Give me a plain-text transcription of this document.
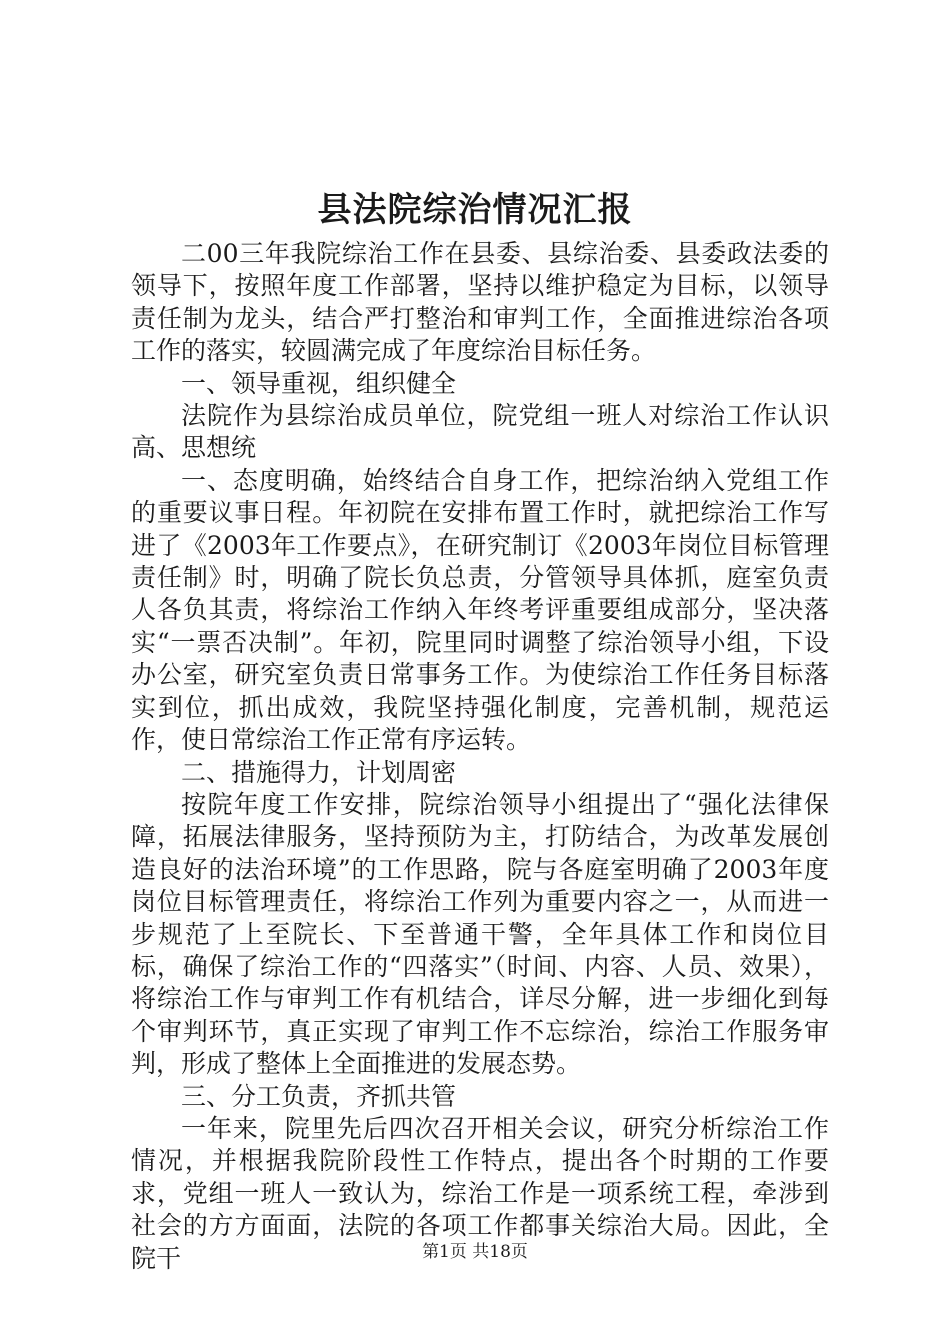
县法院综治情况汇报

二00三年我院综治工作在县委、县综治委、县委政法委的领导下，按照年度工作部署，坚持以维护稳定为目标，以领导责任制为龙头，结合严打整治和审判工作，全面推进综治各项工作的落实，较圆满完成了年度综治目标任务。

一、领导重视，组织健全

法院作为县综治成员单位，院党组一班人对综治工作认识高、思想统

一、态度明确，始终结合自身工作，把综治纳入党组工作的重要议事日程。年初院在安排布置工作时，就把综治工作写进了《2003年工作要点》，在研究制订《2003年岗位目标管理责任制》时，明确了院长负总责，分管领导具体抓，庭室负责人各负其责，将综治工作纳入年终考评重要组成部分，坚决落实“一票否决制”。年初，院里同时调整了综治领导小组，下设办公室，研究室负责日常事务工作。为使综治工作任务目标落实到位，抓出成效，我院坚持强化制度，完善机制，规范运作，使日常综治工作正常有序运转。

二、措施得力，计划周密

按院年度工作安排，院综治领导小组提出了“强化法律保障，拓展法律服务，坚持预防为主，打防结合，为改革发展创造良好的法治环境”的工作思路，院与各庭室明确了2003年度岗位目标管理责任，将综治工作列为重要内容之一，从而进一步规范了上至院长、下至普通干警，全年具体工作和岗位目标，确保了综治工作的“四落实”（时间、内容、人员、效果），将综治工作与审判工作有机结合，详尽分解，进一步细化到每个审判环节，真正实现了审判工作不忘综治，综治工作服务审判，形成了整体上全面推进的发展态势。

三、分工负责，齐抓共管

一年来，院里先后四次召开相关会议，研究分析综治工作情况，并根据我院阶段性工作特点，提出各个时期的工作要求，党组一班人一致认为，综治工作是一项系统工程，牵涉到社会的方方面面，法院的各项工作都事关综治大局。因此，全院干	第1页 共18页
